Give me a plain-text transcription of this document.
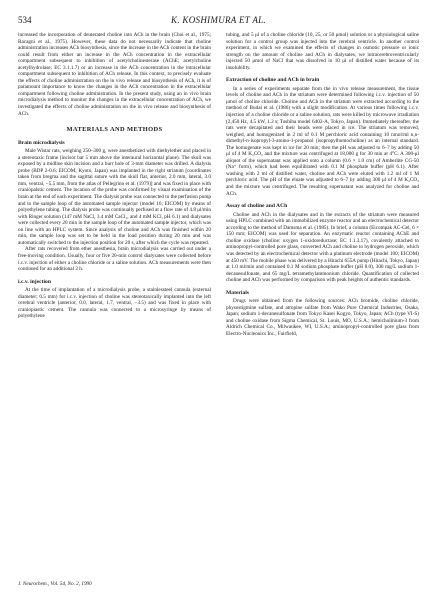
534	K. KOSHIMURA ET AL.

increased the incorporation of deuterated choline into ACh in the brain (Choi et al., 1975; Racagni et al., 1975). However, these data do not necessarily indicate that choline administration increases ACh biosynthesis, since the increase in the ACh content in the brain could result from either an increase in the ACh concentration in the extracellular compartment subsequent to inhibition of acetylcholinesterase (AChE; acetylcholine acetylhydrolase; EC 3.1.1.7) or an increase in the ACh concentration in the intracellular compartment subsequent to inhibition of ACh release. In this context, to precisely evaluate the effects of choline administration on the in vivo release and biosynthesis of ACh, it is of paramount importance to know the changes in the ACh concentration in the extracellular compartment following choline administration. In the present study, using an in vivo brain microdialysis method to monitor the changes in the extracellular concentration of ACh, we investigated the effects of choline administration on the in vivo release and biosynthesis of ACh.

MATERIALS AND METHODS
Brain microdialysis

Male Wistar rats, weighing 250–300 g, were anesthetized with diethylether and placed in a stereotaxic frame (incisor bar 5 mm above the interaural horizontal plane). The skull was exposed by a midline skin incision and a burr hole of 3-mm diameter was drilled. A dialysis probe (BDP 2-0.6; EICOM, Kyoto, Japan) was implanted in the right striatum [coordinates taken from bregma and the sagittal suture with the skull flat, anterior, 2.0 mm, lateral, 3.0 mm, ventral, −5.5 mm, from the atlas of Pellegrino et al. (1979)] and was fixed in place with craniopalstic cement. The location of the probe was confirmed by visual examination of the brain at the end of each experiment. The dialysis probe was connected to the perfusion pump and to the sample loop of the automated sample injector (model 16; EICOM) by means of polyethylene tubing. The dialysis probe was continually perfused at a flow rate of 4.8 μl/min with Ringer solution (147 mM NaCl, 3.4 mM CaCl₂, and 4 mM KCl, pH 6.1) and dialysates were collected every 20 min in the sample loop of the automated sample injector, which was on line with an HPLC system. Since analysis of choline and ACh was finished within 20 min, the sample loop was set to be held in the load position during 20 min and was automatically switched to the injection position for 20 s, after which the cycle was repeated.

After rats recovered from ether anesthesia, brain microdialysis was carried out under a free-moving condition. Usually, four or five 20-min control dialysates were collected before i.c.v. injection of either a choline chloride or a saline solution. ACh measurements were then continued for an additional 2 h.

i.c.v. injection

At the time of implantation of a microdialysis probe, a stainlessteel cannula (external diameter; 0.5 mm) for i.c.v. injection of choline was stereotaxically implanted into the left cerebral ventricle (anterior, 0.0, lateral, 1.7, ventral, −3.5) and was fixed in place with craniopiastic cement. The cannula was connected to a microsyringe by means of polyethylene

tubing, and 5 μl of a choline chloride (10, 25, or 50 μmol) solution or a physiological saline solution for a control group was injected into the cerebral ventricle. In another control experiment, in which we examined the effects of changes in osmotic pressure or ionic strength on the amount of choline and ACh in dialysates, we intracerebroventricularly injected 50 μmol of NaCl that was dissolved in 10 μl of distilled water because of its insolubility.

Extraction of choline and ACh in brain

In a series of experiments separate from the in vivo release measurement, the tissue levels of choline and ACh in the striatum were determined following i.c.v. injection of 50 μmol of choline chloride. Choline and ACh in the striatum were extracted according to the method of Budai et al. (1986) with a slight modification. At various times following i.c.v. injection of a choline chloride or a saline solution, rats were killed by microwave irradiation (2,450 Hz, 4.5 kW, 1.2 s; Toshiba model 6402-A, Tokyo, Japan). Immediately thereafter, the rats were decapitated and their heads were placed in ice. The striatum was removed, weighed, and homogenized in 2 ml of 0.1 M perchloric acid containing 10 nmol/ml n,n-dimethyl-n-isopropyl-3-amino-1-propanol (isopropylhomocholine) as an internal standard. The homogenate was kept in ice for 20 min; then the pH was adjusted to 6–7 by adding 50 μl of 4 M K₂CO₃ and the mixture was centrifuged at 18,000 g for 30 min at 4°C. A 300-μl aliquot of the supernatant was applied onto a column (0.6 × 1.0 cm) of Amberlite CG-50 (Na⁺ form), which had been equilibrated with 0.1 M phosphate buffer (pH 6.1). After washing with 2 ml of distilled water, choline and ACh were eluted with 1.2 ml of 1 M perchloric acid. The pH of the eluate was adjusted to 6–7 by adding 300 μl of 4 M K₂CO₃ and the mixture was centrifuged. The resulting supernatant was analyzed for choline and ACh.

Assay of choline and ACh

Choline and ACh in the dialysates and in the extracts of the striatum were measured using HPLC combined with an immobilized enzyme reactor and an electrochemical detector according to the method of Damsma et al. (1985). In brief, a column (Eicompak AC-Gel, 6 × 150 mm; EICOM) was used for separation. An enzymatic reactor containing AChE and choline oxidase (choline: oxygen 1-oxidoreductase; EC 1.1.3.17), covalently attached to aminopropyl-controlled pore glass, converted ACh and choline to hydrogen peroxide, which was detected by an electrochemical detector with a platinum electrode (model 100; EICOM) at 450 mV. The mobile phase was delivered by a Hitachi 655A pump (Hitachi, Tokyo, Japan) at 1.0 ml/min and contained 0.1 M sodium phosphate buffer (pH 8.0), 300 mg/L sodium 1-decanesulfonate, and 65 mg/L tetramethylammonium chloride. Quantification of collected choline and ACh was performed by comparison with peak heights of authentic standards.

Materials

Drugs were obtained from the following sources: ACh bromide, choline chloride, physostigmine sulfate, and atropine sulfate from Wako Pure Chemical Industries, Osaka, Japan; sodium 1-decanesulfonate from Tokyo Kasei Kogyo, Tokyo, Japan; ACh (type VI-S) and choline oxidase from Sigma Chemical, St. Louis, MO, U.S.A.; hemicholinium-3 from Aldrich Chemical Co., Milwaukee, WI, U.S.A.; aminopropyl-controlled pore glass from Electro-Nucleonics Inc., Fairfield,

J. Neurochem., Vol. 54, No. 2, 1990
